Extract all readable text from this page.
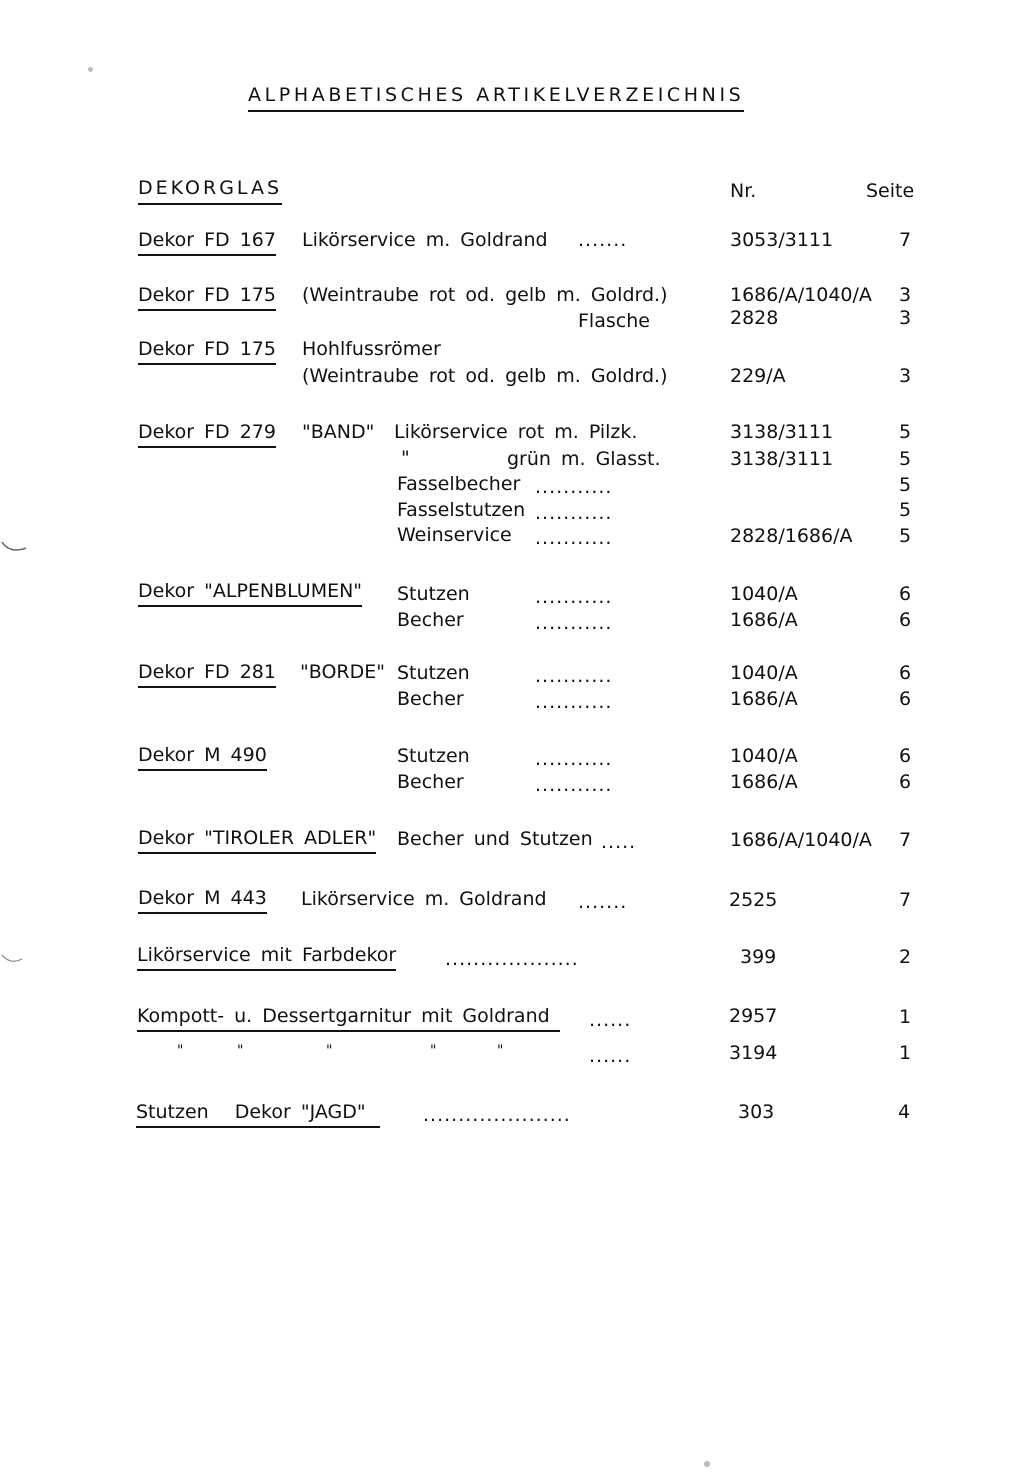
ALPHABETISCHES ARTIKELVERZEICHNIS
DEKORGLAS	Nr.	Seite
Dekor FD 167 Likörservice m. Goldrand .......	3053/3111	7
Dekor FD 175 (Weintraube rot od. gelb m. Goldrd.)	1686/A/1040/A 3
Flasche	2828	3
Dekor FD 175 Hohlfussrömer
(Weintraube rot od. gelb m. Goldrd.)	229/A	3
Dekor FD 279 "BAND" Likörservice rot m. Pilzk.	3138/3111	5
"	grün m. Glasst.	3138/3111	5
Fasselbecher ...........	5
Fasselstutzen ...........	5
Weinservice ...........	2828/1686/A 5
Dekor "ALPENBLUMEN" Stutzen	...........	1040/A	6
Becher	...........	1686/A	6
Dekor FD 281 "BORDE" Stutzen	...........	1040/A	6
Becher	...........	1686/A	6
Dekor M 490	Stutzen	...........	1040/A	6
Becher	...........	1686/A	6
Dekor "TIROLER ADLER" Becher und Stutzen .....	1686/A/1040/A 7
Dekor M 443 Likörservice m. Goldrand .......	2525	7
Likörservice mit Farbdekor	...................	399	2
Kompott- u. Dessertgarnitur mit Goldrand	......	2957	1
"	"	"	"	"	......	3194	1
Stutzen Dekor "JAGD"	.....................	303	4
